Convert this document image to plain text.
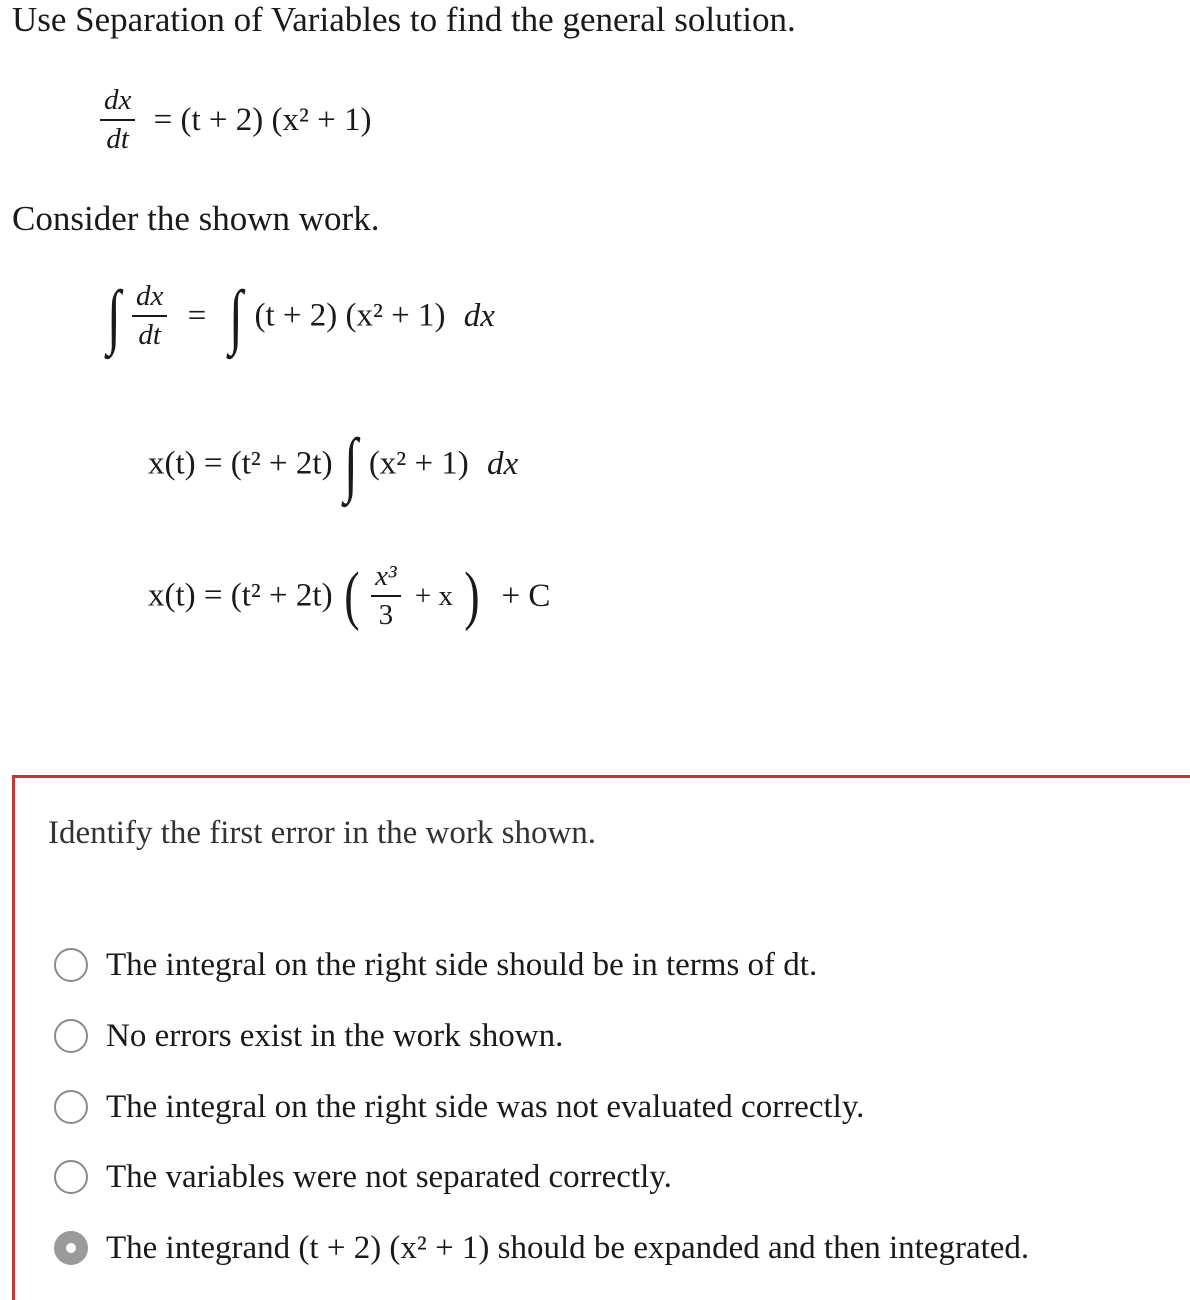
Use Separation of Variables to find the general solution.
$\frac{dx}{dt} = (t + 2) (x^2 + 1)$
Consider the shown work.
∫ $\frac{dx}{dt}$ = ∫ (t + 2) (x² + 1) dx
x(t) = (t² + 2t) ∫ (x² + 1) dx
x(t) = (t² + 2t) ( $\frac{\text{x³}}{3} + x$ ) + C
Identify the first error in the work shown.
The integral on the right side should be in terms of dt.
No errors exist in the work shown.
The integral on the right side was not evaluated correctly.
The variables were not separated correctly.
The integrand (t + 2) (x² + 1) should be expanded and then integrated.
